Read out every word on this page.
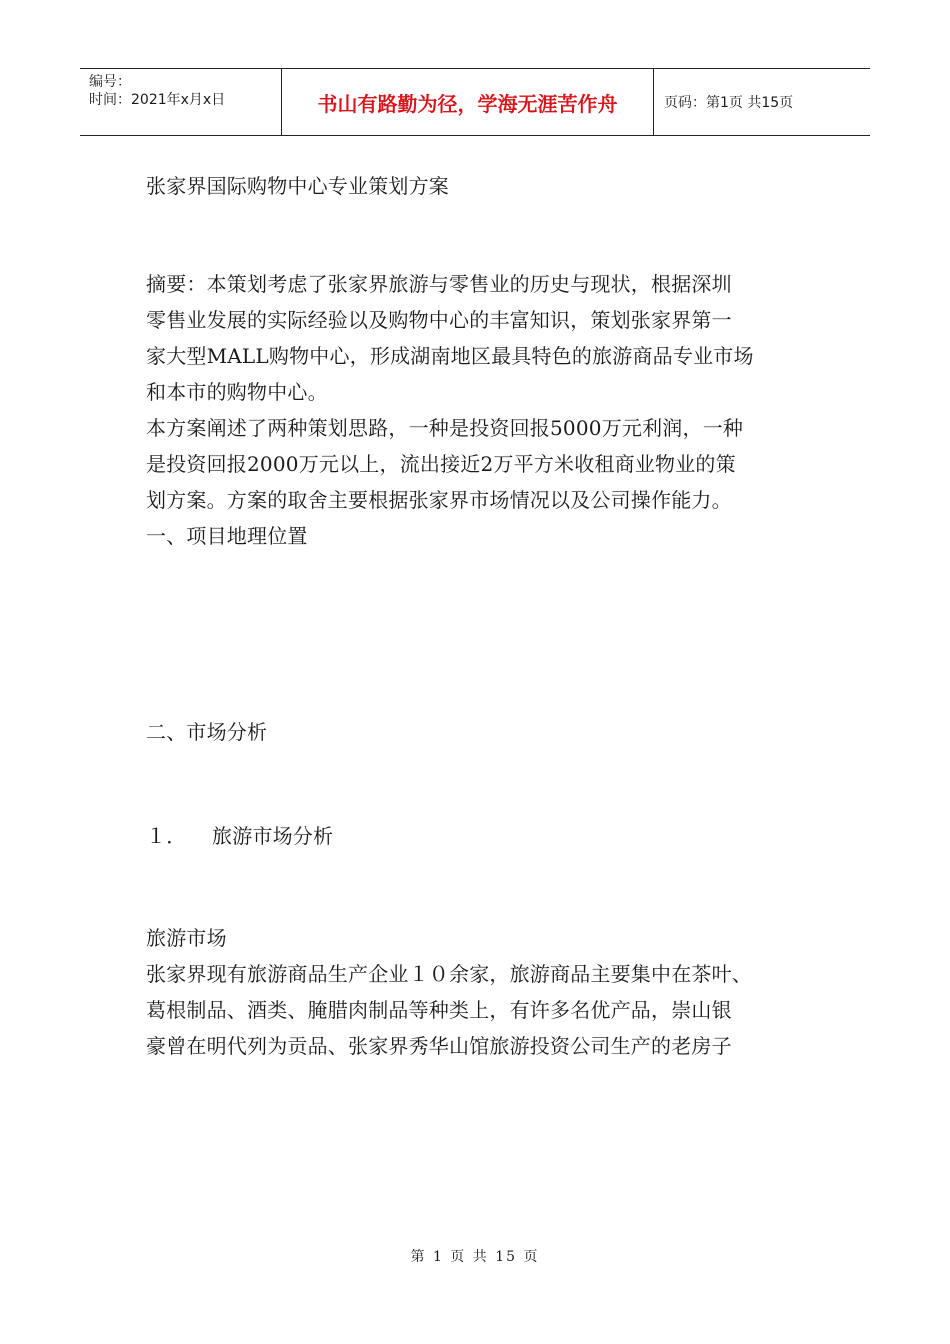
编号：
时间：2021年x月x日	书山有路勤为径，学海无涯苦作舟	页码：第1页 共15页

张家界国际购物中心专业策划方案

摘要：本策划考虑了张家界旅游与零售业的历史与现状，根据深圳

零售业发展的实际经验以及购物中心的丰富知识，策划张家界第一

家大型MALL购物中心，形成湖南地区最具特色的旅游商品专业市场

和本市的购物中心。

本方案阐述了两种策划思路，一种是投资回报5000万元利润，一种

是投资回报2000万元以上，流出接近2万平方米收租商业物业的策

划方案。方案的取舍主要根据张家界市场情况以及公司操作能力。

一、项目地理位置

二、市场分析

１． 旅游市场分析

旅游市场

张家界现有旅游商品生产企业１０余家，旅游商品主要集中在茶叶、

葛根制品、酒类、腌腊肉制品等种类上，有许多名优产品，崇山银

豪曾在明代列为贡品、张家界秀华山馆旅游投资公司生产的老房子

第 1 页 共 15 页
